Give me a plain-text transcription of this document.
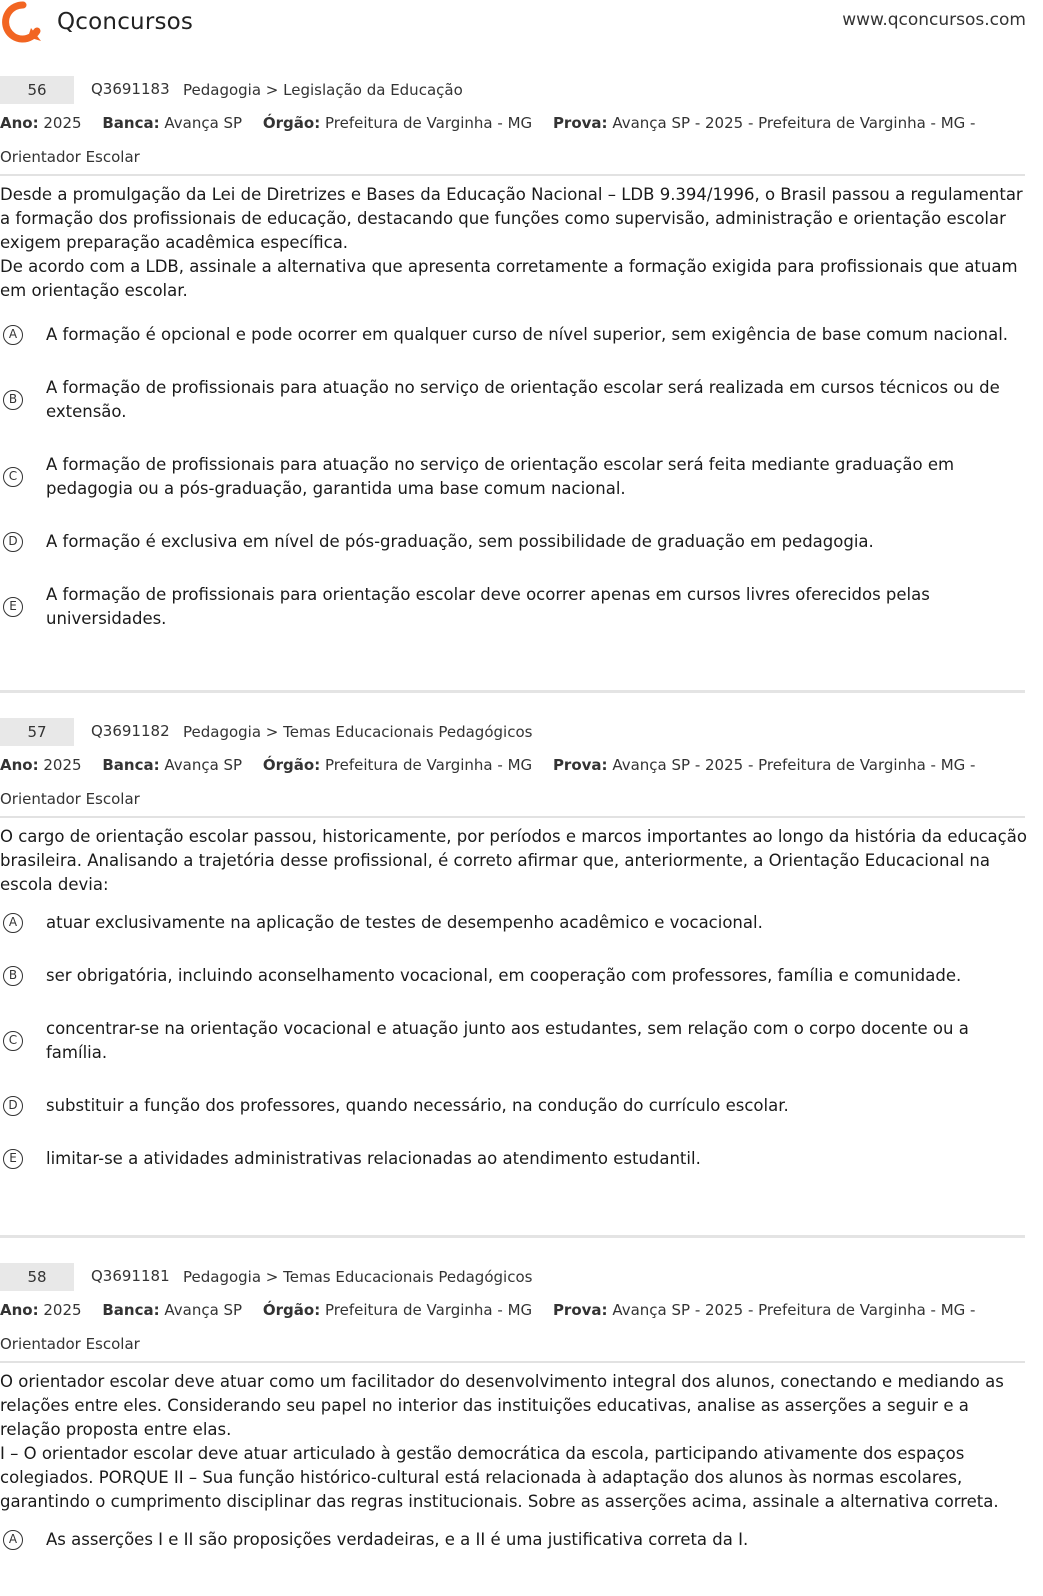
Qconcursos	www.qconcursos.com
56	Q3691183 Pedagogia > Legislação da Educação
Ano: 2025 Banca: Avança SP Órgão: Prefeitura de Varginha - MG Prova: Avança SP - 2025 - Prefeitura de Varginha - MG - Orientador Escolar

Desde a promulgação da Lei de Diretrizes e Bases da Educação Nacional – LDB 9.394/1996, o Brasil passou a regulamentar a formação dos profissionais de educação, destacando que funções como supervisão, administração e orientação escolar exigem preparação acadêmica específica.

De acordo com a LDB, assinale a alternativa que apresenta corretamente a formação exigida para profissionais que atuam em orientação escolar.

A	A formação é opcional e pode ocorrer em qualquer curso de nível superior, sem exigência de base comum nacional.
B
A formação de profissionais para atuação no serviço de orientação escolar será realizada em cursos técnicos ou de extensão.
C
A formação de profissionais para atuação no serviço de orientação escolar será feita mediante graduação em pedagogia ou a pós-graduação, garantida uma base comum nacional.
D	A formação é exclusiva em nível de pós-graduação, sem possibilidade de graduação em pedagogia.
E
A formação de profissionais para orientação escolar deve ocorrer apenas em cursos livres oferecidos pelas universidades.
57	Q3691182 Pedagogia > Temas Educacionais Pedagógicos
Ano: 2025 Banca: Avança SP Órgão: Prefeitura de Varginha - MG Prova: Avança SP - 2025 - Prefeitura de Varginha - MG - Orientador Escolar

O cargo de orientação escolar passou, historicamente, por períodos e marcos importantes ao longo da história da educação brasileira. Analisando a trajetória desse profissional, é correto afirmar que, anteriormente, a Orientação Educacional na escola devia:

A	atuar exclusivamente na aplicação de testes de desempenho acadêmico e vocacional.
B	ser obrigatória, incluindo aconselhamento vocacional, em cooperação com professores, família e comunidade.
C
concentrar-se na orientação vocacional e atuação junto aos estudantes, sem relação com o corpo docente ou a família.
D	substituir a função dos professores, quando necessário, na condução do currículo escolar.
E	limitar-se a atividades administrativas relacionadas ao atendimento estudantil.
58	Q3691181 Pedagogia > Temas Educacionais Pedagógicos
Ano: 2025 Banca: Avança SP Órgão: Prefeitura de Varginha - MG Prova: Avança SP - 2025 - Prefeitura de Varginha - MG - Orientador Escolar

O orientador escolar deve atuar como um facilitador do desenvolvimento integral dos alunos, conectando e mediando as relações entre eles. Considerando seu papel no interior das instituições educativas, analise as asserções a seguir e a relação proposta entre elas.

I – O orientador escolar deve atuar articulado à gestão democrática da escola, participando ativamente dos espaços colegiados. PORQUE II – Sua função histórico-cultural está relacionada à adaptação dos alunos às normas escolares, garantindo o cumprimento disciplinar das regras institucionais. Sobre as asserções acima, assinale a alternativa correta.

A	As asserções I e II são proposições verdadeiras, e a II é uma justificativa correta da I.
